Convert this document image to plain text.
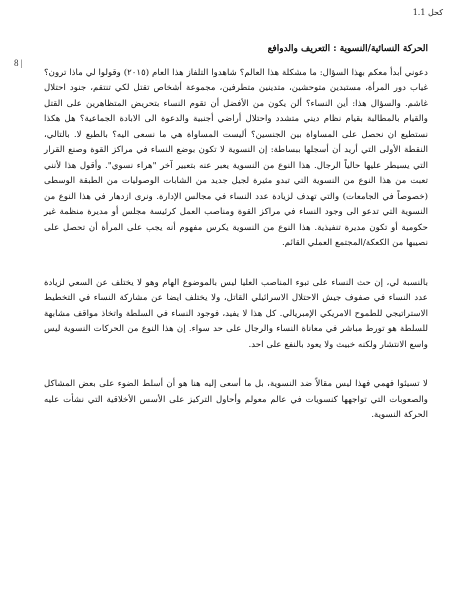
كحل 1.1
8 |
الحركة النسائية/النسوية : التعريف والدوافع

دعوني أبدأ معكم بهذا السؤال: ما مشكلة هذا العالم؟ شاهدوا التلفاز هذا العام (٢٠١٥) وقولوا لي ماذا ترون؟ غياب دور المرأة، مستبدين متوحشين، متدينين متطرفين، مجموعة أشخاص تقتل لكي تنتقم، جنود احتلال غاشم. والسؤال هذا: أين النساء؟ ألن يكون من الأفضل أن تقوم النساء بتحريض المتظاهرين على القتل والقيام بالمطالبة بقيام نظام ديني متشدد واحتلال أراضي أجنبية والدعوة الى الابادة الجماعية؟ هل هكذا نستطيع ان نحصل على المساواة بين الجنسين؟ أليست المساواة هي ما نسعى اليه؟ بالطبع لا. بالتالي، النقطة الأولى التي أريد أن أسجلها ببساطة: إن النسوية لا تكون بوضع النساء في مراكز القوة وصنع القرار التي يسيطر عليها حالياً الرجال. هذا النوع من النسوية يعبر عنه بتعبير آخر "هراء نسوي". وأقول هذا لأنني تعبت من هذا النوع من النسوية التي تبدو مثيرة لجيل جديد من الشابات الوصوليات من الطبقة الوسطى (خصوصاً في الجامعات) والتي تهدف لزيادة عدد النساء في مجالس الإدارة. ونرى ازدهار في هذا النوع من النسوية التي تدعو الى وجود النساء في مراكز القوة ومناصب العمل كرئيسة مجلس أو مديرة منظمة غير حكومية أو تكون مديرة تنفيذية. هذا النوع من النسوية يكرس مفهوم أنه يجب على المرأة أن تحصل على نصيبها من الكعكة/المجتمع العملي القائم.

بالنسبة لي، إن حث النساء على تبوء المناصب العليا ليس بالموضوع الهام وهو لا يختلف عن السعي لزيادة عدد النساء في صفوف جيش الاحتلال الاسرائيلي القاتل، ولا يختلف ايضا عن مشاركة النساء في التخطيط الاستراتيجي للطموح الامريكي الإمبريالي. كل هذا لا يفيد، فوجود النساء في السلطة واتخاذ مواقف مشابهة للسلطة هو تورط مباشر في معاناة النساء والرجال على حد سواء. إن هذا النوع من الحركات النسوية ليس واسع الانتشار ولكنه خبيث ولا يعود بالنفع على احد.

لا تسيئوا فهمي فهذا ليس مقالاً ضد النسوية، بل ما أسعى إليه هنا هو أن أسلط الضوء على بعض المشاكل والصعوبات التي تواجهها كنسويات في عالم معولم وأحاول التركيز على الأسس الأخلاقية التي نشأت عليه الحركة النسوية.
